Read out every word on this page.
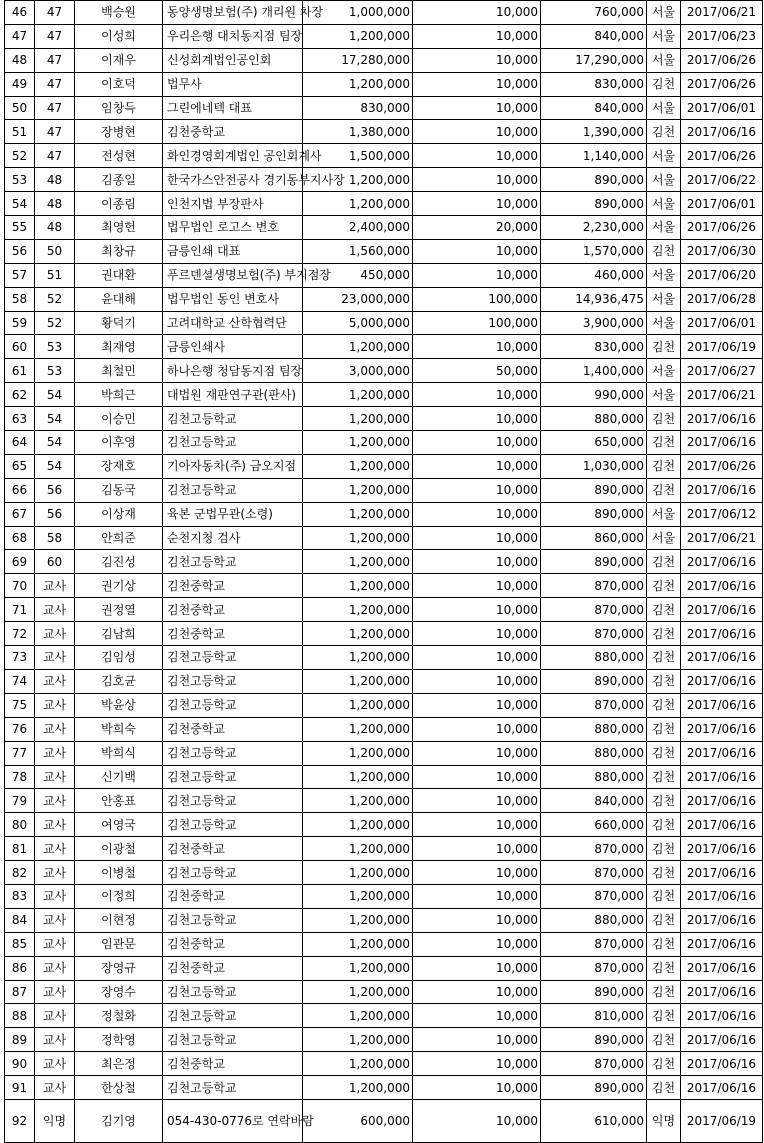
46	47	백승원	동양생명보험(주) 개리원 차장	1,000,000	10,000	760,000	서울	2017/06/21
47	47	이성희	우리은행 대치동지점 팀장	1,200,000	10,000	840,000	서울	2017/06/23
48	47	이재우	신성회계법인공인회	17,280,000	10,000	17,290,000	서울	2017/06/26
49	47	이호덕	법무사	1,200,000	10,000	830,000	김천	2017/06/26
50	47	임창득	그린에네텍 대표	830,000	10,000	840,000	서울	2017/06/01
51	47	장병현	김천중학교	1,380,000	10,000	1,390,000	김천	2017/06/16
52	47	전성현	화인경영회계법인 공인회계사	1,500,000	10,000	1,140,000	서울	2017/06/26
53	48	김종일	한국가스안전공사 경기동부지사장	1,200,000	10,000	890,000	서울	2017/06/22
54	48	이종림	인천지법 부장판사	1,200,000	10,000	890,000	서울	2017/06/01
55	48	최영헌	법무법인 로고스 변호	2,400,000	20,000	2,230,000	서울	2017/06/26
56	50	최창규	금릉인쇄 대표	1,560,000	10,000	1,570,000	김천	2017/06/30
57	51	권대환	푸르덴셜생명보험(주) 부지점장	450,000	10,000	460,000	서울	2017/06/20
58	52	윤대해	법무법인 동인 변호사	23,000,000	100,000	14,936,475	서울	2017/06/28
59	52	황덕기	고려대학교 산학협력단	5,000,000	100,000	3,900,000	서울	2017/06/01
60	53	최재영	금릉인쇄사	1,200,000	10,000	830,000	김천	2017/06/19
61	53	최철민	하나은행 청담동지점 팀장	3,000,000	50,000	1,400,000	서울	2017/06/27
62	54	박희근	대법원 재판연구관(판사)	1,200,000	10,000	990,000	서울	2017/06/21
63	54	이승민	김천고등학교	1,200,000	10,000	880,000	김천	2017/06/16
64	54	이후영	김천고등학교	1,200,000	10,000	650,000	김천	2017/06/16
65	54	장재호	기아자동차(주) 금오지점	1,200,000	10,000	1,030,000	김천	2017/06/26
66	56	김동국	김천고등학교	1,200,000	10,000	890,000	김천	2017/06/16
67	56	이상재	육본 군법무관(소령)	1,200,000	10,000	890,000	서울	2017/06/12
68	58	안희준	순천지청 검사	1,200,000	10,000	860,000	서울	2017/06/21
69	60	김진성	김천고등학교	1,200,000	10,000	890,000	김천	2017/06/16
70	교사	권기상	김천중학교	1,200,000	10,000	870,000	김천	2017/06/16
71	교사	권정열	김천중학교	1,200,000	10,000	870,000	김천	2017/06/16
72	교사	김남희	김천중학교	1,200,000	10,000	870,000	김천	2017/06/16
73	교사	김임성	김천고등학교	1,200,000	10,000	880,000	김천	2017/06/16
74	교사	김호균	김천고등학교	1,200,000	10,000	890,000	김천	2017/06/16
75	교사	박윤상	김천고등학교	1,200,000	10,000	870,000	김천	2017/06/16
76	교사	박희숙	김천중학교	1,200,000	10,000	880,000	김천	2017/06/16
77	교사	박희식	김천고등학교	1,200,000	10,000	880,000	김천	2017/06/16
78	교사	신기백	김천고등학교	1,200,000	10,000	880,000	김천	2017/06/16
79	교사	안홍표	김천고등학교	1,200,000	10,000	840,000	김천	2017/06/16
80	교사	여영국	김천고등학교	1,200,000	10,000	660,000	김천	2017/06/16
81	교사	이광철	김천중학교	1,200,000	10,000	870,000	김천	2017/06/16
82	교사	이병철	김천고등학교	1,200,000	10,000	870,000	김천	2017/06/16
83	교사	이정희	김천중학교	1,200,000	10,000	870,000	김천	2017/06/16
84	교사	이현정	김천고등학교	1,200,000	10,000	880,000	김천	2017/06/16
85	교사	임관문	김천중학교	1,200,000	10,000	870,000	김천	2017/06/16
86	교사	장영규	김천중학교	1,200,000	10,000	870,000	김천	2017/06/16
87	교사	장영수	김천고등학교	1,200,000	10,000	890,000	김천	2017/06/16
88	교사	정철화	김천고등학교	1,200,000	10,000	810,000	김천	2017/06/16
89	교사	정학영	김천고등학교	1,200,000	10,000	890,000	김천	2017/06/16
90	교사	최은정	김천중학교	1,200,000	10,000	870,000	김천	2017/06/16
91	교사	한상철	김천고등학교	1,200,000	10,000	890,000	김천	2017/06/16
92	익명	김기영	054-430-0776로 연락바람	600,000	10,000	610,000	익명	2017/06/19
